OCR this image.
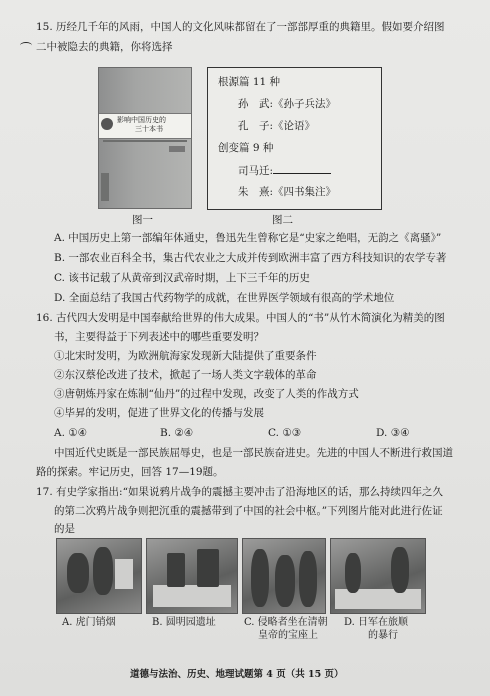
15. 历经几千年的风雨，中国人的文化风味都留在了一部部厚重的典籍里。假如要介绍图
二中被隐去的典籍，你将选择
影响中国历史的
三十本书
根源篇 11 种
孙　武:《孙子兵法》
孔　子:《论语》
创变篇 9 种
司马迁:
朱　熹:《四书集注》
图一	图二
A. 中国历史上第一部编年体通史，鲁迅先生曾称它是“史家之绝唱，无韵之《离骚》”
B. 一部农业百科全书，集古代农业之大成并传到欧洲丰富了西方科技知识的农学专著
C. 该书记载了从黄帝到汉武帝时期，上下三千年的历史
D. 全面总结了我国古代药物学的成就，在世界医学领域有很高的学术地位
16. 古代四大发明是中国奉献给世界的伟大成果。中国人的“书”从竹木简演化为精美的图
书，主要得益于下列表述中的哪些重要发明？
①北宋时发明，为欧洲航海家发现新大陆提供了重要条件
②东汉蔡伦改进了技术，掀起了一场人类文字载体的革命
③唐朝炼丹家在炼制“仙丹”的过程中发现，改变了人类的作战方式
④毕昇的发明，促进了世界文化的传播与发展
A. ①④	B. ②④	C. ①③	D. ③④
中国近代史既是一部民族屈辱史，也是一部民族奋进史。先进的中国人不断进行救国道
路的探索。牢记历史，回答 17—19题。
17. 有史学家指出:“如果说鸦片战争的震撼主要冲击了沿海地区的话，那么持续四年之久
的第二次鸦片战争则把沉重的震撼带到了中国的社会中枢。”下列图片能对此进行佐证
的是
A. 虎门销烟	B. 圆明园遗址	C. 侵略者坐在清朝
皇帝的宝座上
D. 日军在旅顺
的暴行
道德与法治、历史、地理试题第 4 页（共 15 页）
